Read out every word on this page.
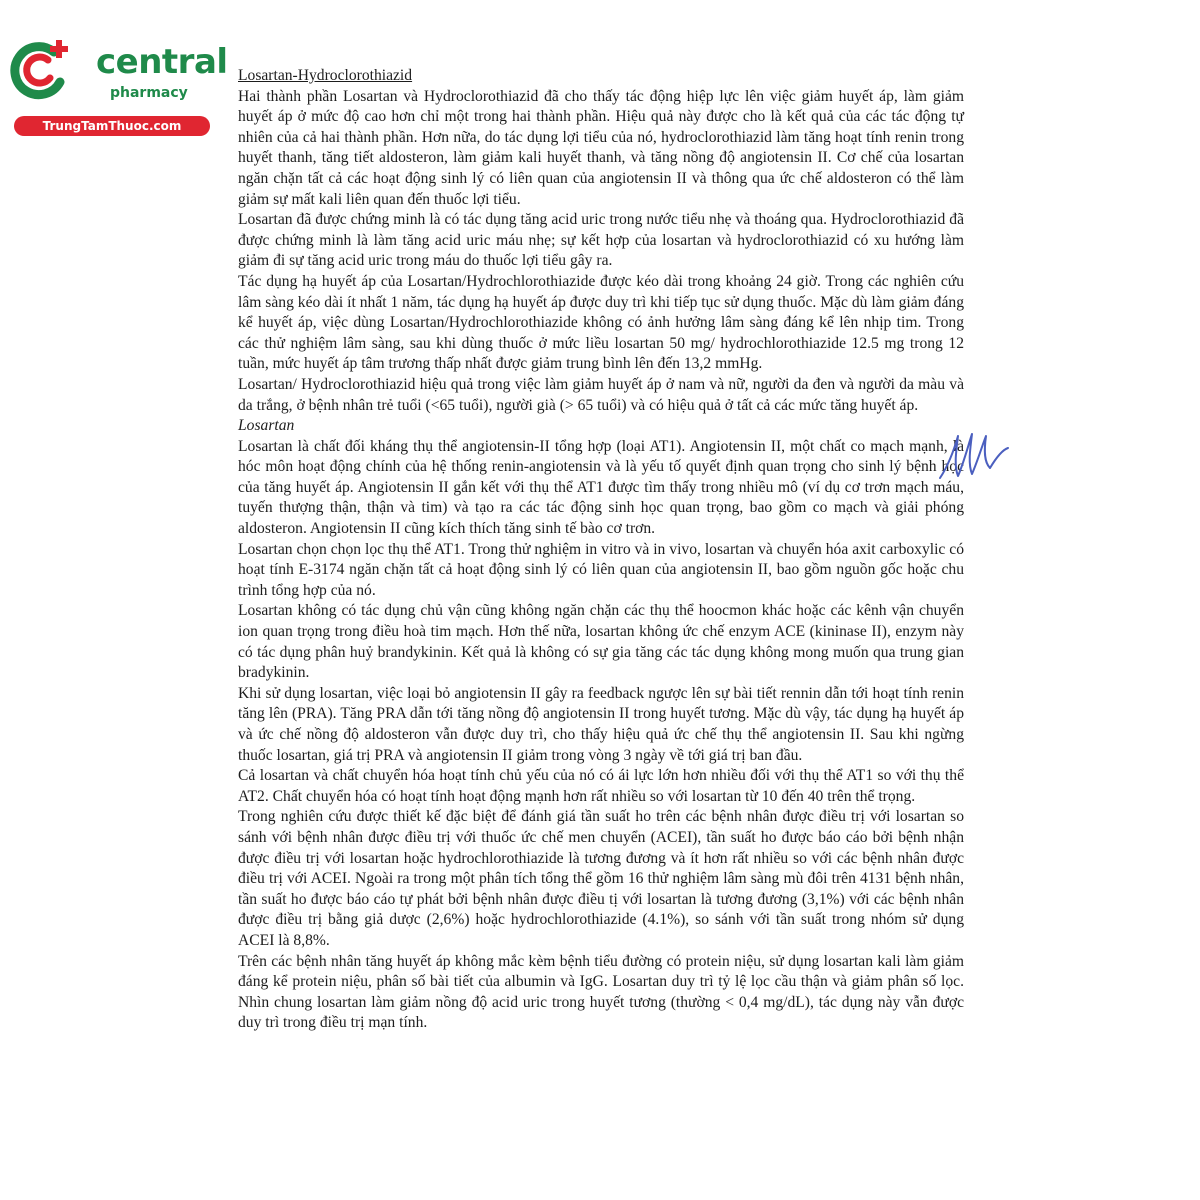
central
pharmacy
TrungTamThuoc.com

Losartan-Hydroclorothiazid

Hai thành phần Losartan và Hydroclorothiazid đã cho thấy tác động hiệp lực lên việc giảm huyết áp, làm giảm huyết áp ở mức độ cao hơn chỉ một trong hai thành phần. Hiệu quả này được cho là kết quả của các tác động tự nhiên của cả hai thành phần. Hơn nữa, do tác dụng lợi tiểu của nó, hydroclorothiazid làm tăng hoạt tính renin trong huyết thanh, tăng tiết aldosteron, làm giảm kali huyết thanh, và tăng nồng độ angiotensin II. Cơ chế của losartan ngăn chặn tất cả các hoạt động sinh lý có liên quan của angiotensin II và thông qua ức chế aldosteron có thể làm giảm sự mất kali liên quan đến thuốc lợi tiểu.

Losartan đã được chứng minh là có tác dụng tăng acid uric trong nước tiểu nhẹ và thoáng qua. Hydroclorothiazid đã được chứng minh là làm tăng acid uric máu nhẹ; sự kết hợp của losartan và hydroclorothiazid có xu hướng làm giảm đi sự tăng acid uric trong máu do thuốc lợi tiểu gây ra.

Tác dụng hạ huyết áp của Losartan/Hydrochlorothiazide được kéo dài trong khoảng 24 giờ. Trong các nghiên cứu lâm sàng kéo dài ít nhất 1 năm, tác dụng hạ huyết áp được duy trì khi tiếp tục sử dụng thuốc. Mặc dù làm giảm đáng kể huyết áp, việc dùng Losartan/Hydrochlorothiazide không có ảnh hưởng lâm sàng đáng kể lên nhịp tim. Trong các thử nghiệm lâm sàng, sau khi dùng thuốc ở mức liều losartan 50 mg/ hydrochlorothiazide 12.5 mg trong 12 tuần, mức huyết áp tâm trương thấp nhất được giảm trung bình lên đến 13,2 mmHg.

Losartan/ Hydroclorothiazid hiệu quả trong việc làm giảm huyết áp ở nam và nữ, người da đen và người da màu và da trắng, ở bệnh nhân trẻ tuổi (<65 tuổi), người già (> 65 tuổi) và có hiệu quả ở tất cả các mức tăng huyết áp.

Losartan

Losartan là chất đối kháng thụ thể angiotensin-II tổng hợp (loại AT1). Angiotensin II, một chất co mạch mạnh, là hóc môn hoạt động chính của hệ thống renin-angiotensin và là yếu tố quyết định quan trọng cho sinh lý bệnh học của tăng huyết áp. Angiotensin II gắn kết với thụ thể AT1 được tìm thấy trong nhiều mô (ví dụ cơ trơn mạch máu, tuyến thượng thận, thận và tim) và tạo ra các tác động sinh học quan trọng, bao gồm co mạch và giải phóng aldosteron. Angiotensin II cũng kích thích tăng sinh tế bào cơ trơn.

Losartan chọn chọn lọc thụ thể AT1. Trong thử nghiệm in vitro và in vivo, losartan và chuyển hóa axit carboxylic có hoạt tính E-3174 ngăn chặn tất cả hoạt động sinh lý có liên quan của angiotensin II, bao gồm nguồn gốc hoặc chu trình tổng hợp của nó.

Losartan không có tác dụng chủ vận cũng không ngăn chặn các thụ thể hoocmon khác hoặc các kênh vận chuyển ion quan trọng trong điều hoà tim mạch. Hơn thế nữa, losartan không ức chế enzym ACE (kininase II), enzym này có tác dụng phân huỷ brandykinin. Kết quả là không có sự gia tăng các tác dụng không mong muốn qua trung gian bradykinin.

Khi sử dụng losartan, việc loại bỏ angiotensin II gây ra feedback ngược lên sự bài tiết rennin dẫn tới hoạt tính renin tăng lên (PRA). Tăng PRA dẫn tới tăng nồng độ angiotensin II trong huyết tương. Mặc dù vậy, tác dụng hạ huyết áp và ức chế nồng độ aldosteron vẫn được duy trì, cho thấy hiệu quả ức chế thụ thể angiotensin II. Sau khi ngừng thuốc losartan, giá trị PRA và angiotensin II giảm trong vòng 3 ngày về tới giá trị ban đầu.

Cả losartan và chất chuyển hóa hoạt tính chủ yếu của nó có ái lực lớn hơn nhiều đối với thụ thể AT1 so với thụ thể AT2. Chất chuyển hóa có hoạt tính hoạt động mạnh hơn rất nhiều so với losartan từ 10 đến 40 trên thể trọng.

Trong nghiên cứu được thiết kế đặc biệt để đánh giá tần suất ho trên các bệnh nhân được điều trị với losartan so sánh với bệnh nhân được điều trị với thuốc ức chế men chuyển (ACEI), tần suất ho được báo cáo bởi bệnh nhận được điều trị với losartan hoặc hydrochlorothiazide là tương đương và ít hơn rất nhiều so với các bệnh nhân được điều trị với ACEI. Ngoài ra trong một phân tích tổng thể gồm 16 thử nghiệm lâm sàng mù đôi trên 4131 bệnh nhân, tần suất ho được báo cáo tự phát bởi bệnh nhân được điều tị với losartan là tương đương (3,1%) với các bệnh nhân được điều trị bằng giả dược (2,6%) hoặc hydrochlorothiazide (4.1%), so sánh với tần suất trong nhóm sử dụng ACEI là 8,8%.

Trên các bệnh nhân tăng huyết áp không mắc kèm bệnh tiểu đường có protein niệu, sử dụng losartan kali làm giảm đáng kể protein niệu, phân số bài tiết của albumin và IgG. Losartan duy trì tỷ lệ lọc cầu thận và giảm phân số lọc. Nhìn chung losartan làm giảm nồng độ acid uric trong huyết tương (thường < 0,4 mg/dL), tác dụng này vẫn được duy trì trong điều trị mạn tính.
